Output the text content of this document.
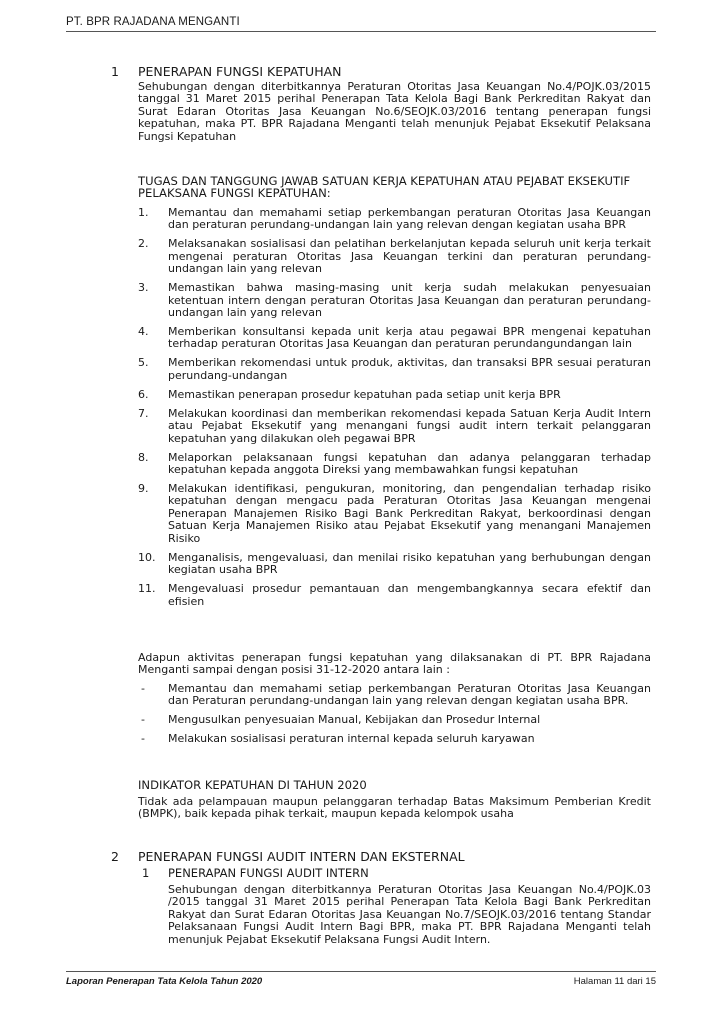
PT. BPR RAJADANA MENGANTI
1 PENERAPAN FUNGSI KEPATUHAN
Sehubungan dengan diterbitkannya Peraturan Otoritas Jasa Keuangan No.4/POJK.03/2015 tanggal 31 Maret 2015 perihal Penerapan Tata Kelola Bagi Bank Perkreditan Rakyat dan Surat Edaran Otoritas Jasa Keuangan No.6/SEOJK.03/2016 tentang penerapan fungsi kepatuhan, maka PT. BPR Rajadana Menganti telah menunjuk Pejabat Eksekutif Pelaksana Fungsi Kepatuhan
TUGAS DAN TANGGUNG JAWAB SATUAN KERJA KEPATUHAN ATAU PEJABAT EKSEKUTIF PELAKSANA FUNGSI KEPATUHAN:
1. Memantau dan memahami setiap perkembangan peraturan Otoritas Jasa Keuangan dan peraturan perundang-undangan lain yang relevan dengan kegiatan usaha BPR
2. Melaksanakan sosialisasi dan pelatihan berkelanjutan kepada seluruh unit kerja terkait mengenai peraturan Otoritas Jasa Keuangan terkini dan peraturan perundang-undangan lain yang relevan
3. Memastikan bahwa masing-masing unit kerja sudah melakukan penyesuaian ketentuan intern dengan peraturan Otoritas Jasa Keuangan dan peraturan perundang-undangan lain yang relevan
4. Memberikan konsultansi kepada unit kerja atau pegawai BPR mengenai kepatuhan terhadap peraturan Otoritas Jasa Keuangan dan peraturan perundangundangan lain
5. Memberikan rekomendasi untuk produk, aktivitas, dan transaksi BPR sesuai peraturan perundang-undangan
6. Memastikan penerapan prosedur kepatuhan pada setiap unit kerja BPR
7. Melakukan koordinasi dan memberikan rekomendasi kepada Satuan Kerja Audit Intern atau Pejabat Eksekutif yang menangani fungsi audit intern terkait pelanggaran kepatuhan yang dilakukan oleh pegawai BPR
8. Melaporkan pelaksanaan fungsi kepatuhan dan adanya pelanggaran terhadap kepatuhan kepada anggota Direksi yang membawahkan fungsi kepatuhan
9. Melakukan identifikasi, pengukuran, monitoring, dan pengendalian terhadap risiko kepatuhan dengan mengacu pada Peraturan Otoritas Jasa Keuangan mengenai Penerapan Manajemen Risiko Bagi Bank Perkreditan Rakyat, berkoordinasi dengan Satuan Kerja Manajemen Risiko atau Pejabat Eksekutif yang menangani Manajemen Risiko
10. Menganalisis, mengevaluasi, dan menilai risiko kepatuhan yang berhubungan dengan kegiatan usaha BPR
11. Mengevaluasi prosedur pemantauan dan mengembangkannya secara efektif dan efisien
Adapun aktivitas penerapan fungsi kepatuhan yang dilaksanakan di PT. BPR Rajadana Menganti sampai dengan posisi 31-12-2020 antara lain :
- Memantau dan memahami setiap perkembangan Peraturan Otoritas Jasa Keuangan dan Peraturan perundang-undangan lain yang relevan dengan kegiatan usaha BPR.
- Mengusulkan penyesuaian Manual, Kebijakan dan Prosedur Internal
- Melakukan sosialisasi peraturan internal kepada seluruh karyawan
INDIKATOR KEPATUHAN DI TAHUN 2020
Tidak ada pelampauan maupun pelanggaran terhadap Batas Maksimum Pemberian Kredit (BMPK), baik kepada pihak terkait, maupun kepada kelompok usaha
2 PENERAPAN FUNGSI AUDIT INTERN DAN EKSTERNAL
1 PENERAPAN FUNGSI AUDIT INTERN
Sehubungan dengan diterbitkannya Peraturan Otoritas Jasa Keuangan No.4/POJK.03 /2015 tanggal 31 Maret 2015 perihal Penerapan Tata Kelola Bagi Bank Perkreditan Rakyat dan Surat Edaran Otoritas Jasa Keuangan No.7/SEOJK.03/2016 tentang Standar Pelaksanaan Fungsi Audit Intern Bagi BPR, maka PT. BPR Rajadana Menganti telah menunjuk Pejabat Eksekutif Pelaksana Fungsi Audit Intern.
Laporan Penerapan Tata Kelola Tahun 2020	Halaman 11 dari 15
